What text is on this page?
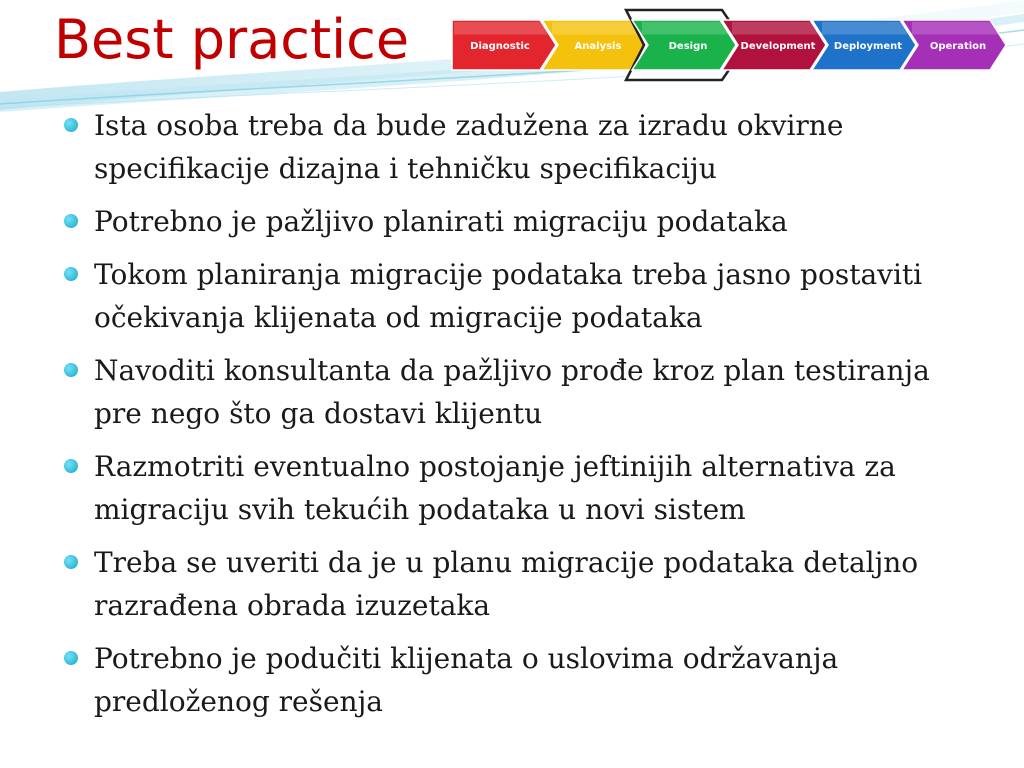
Best practice	Diagnostic	Analysis	Design	Development Deployment	Operation
Ista osoba treba da bude zadužena za izradu okvirne specifikacije dizajna i tehničku specifikaciju
Potrebno je pažljivo planirati migraciju podataka
Tokom planiranja migracije podataka treba jasno postaviti očekivanja klijenata od migracije podataka
Navoditi konsultanta da pažljivo prođe kroz plan testiranja pre nego što ga dostavi klijentu
Razmotriti eventualno postojanje jeftinijih alternativa za migraciju svih tekućih podataka u novi sistem
Treba se uveriti da je u planu migracije podataka detaljno razrađena obrada izuzetaka
Potrebno je podučiti klijenata o uslovima održavanja predloženog rešenja
